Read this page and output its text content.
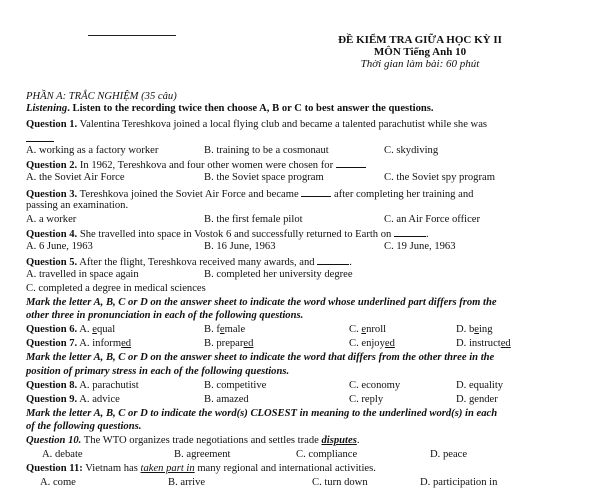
ĐỀ KIỂM TRA GIỮA HỌC KỲ II
MÔN Tiếng Anh 10
Thời gian làm bài: 60 phút
PHẦN A: TRẮC NGHIỆM (35 câu)
Listening. Listen to the recording twice then choose A, B or C to best answer the questions.
Question 1. Valentina Tereshkova joined a local flying club and became a talented parachutist while she was
A. working as a factory worker	B. training to be a cosmonaut	C. skydiving
Question 2. In 1962, Tereshkova and four other women were chosen for
A. the Soviet Air Force	B. the Soviet space program	C. the Soviet spy program
Question 3. Tereshkova joined the Soviet Air Force and became	after completing her training and
passing an examination.
A. a worker	B. the first female pilot	C. an Air Force officer
Question 4. She travelled into space in Vostok 6 and successfully returned to Earth on	.
A. 6 June, 1963	B. 16 June, 1963	C. 19 June, 1963
Question 5. After the flight, Tereshkova received many awards, and	.
A. travelled in space again	B. completed her university degree
C. completed a degree in medical sciences
Mark the letter A, B, C or D on the answer sheet to indicate the word whose underlined part differs from the
other three in pronunciation in each of the following questions.
Question 6. A. equal	B. female	C. enroll	D. being
Question 7. A. informed	B. prepared	C. enjoyed	D. instructed
Mark the letter A, B, C or D on the answer sheet to indicate the word that differs from the other three in the
position of primary stress in each of the following questions.
Question 8. A. parachutist	B. competitive	C. economy	D. equality
Question 9. A. advice	B. amazed	C. reply	D. gender
Mark the letter A, B, C or D to indicate the word(s) CLOSEST in meaning to the underlined word(s) in each
of the following questions.
Question 10. The WTO organizes trade negotiations and settles trade disputes.
A. debate	B. agreement	C. compliance	D. peace
Question 11: Vietnam has taken part in many regional and international activities.
A. come	B. arrive	C. turn down	D. participation in
